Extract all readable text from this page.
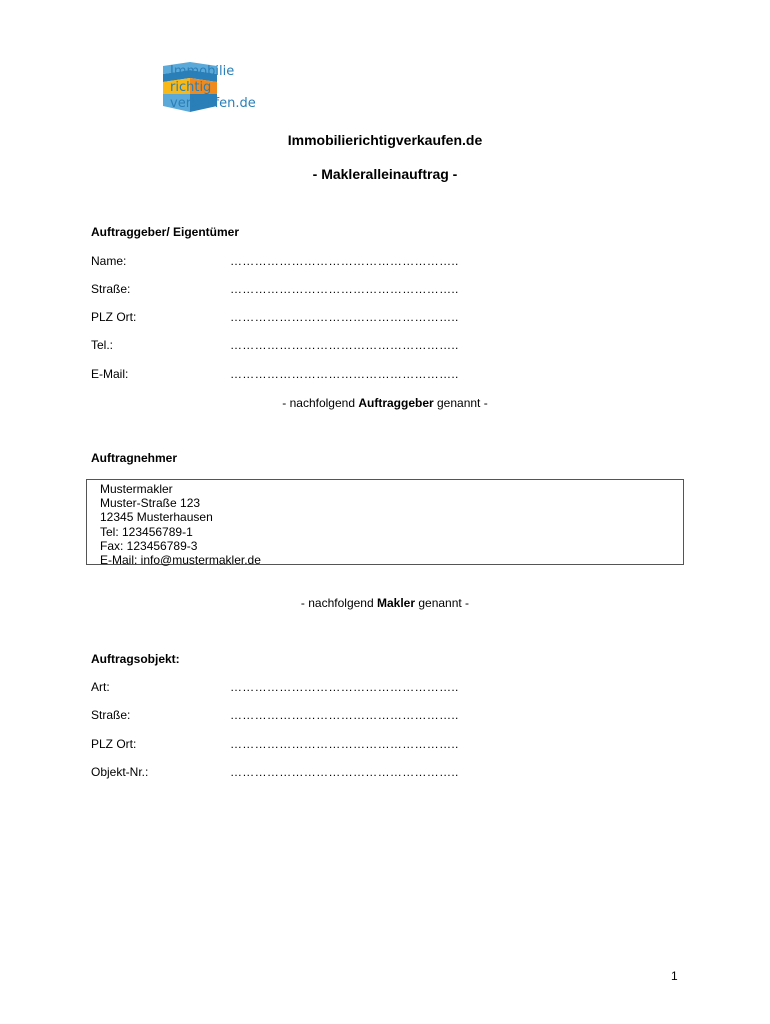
Immobilie
richtig
verkaufen.de
Immobilierichtigverkaufen.de
- Makleralleinauftrag -
Auftraggeber/ Eigentümer
Name:	………………………………………………..
Straße:	………………………………………………..
PLZ Ort:	………………………………………………..
Tel.:	………………………………………………..
E-Mail:	………………………………………………..
- nachfolgend Auftraggeber genannt -
Auftragnehmer
Mustermakler
Muster-Straße 123
12345 Musterhausen
Tel: 123456789-1
Fax: 123456789-3
E-Mail: info@mustermakler.de
- nachfolgend Makler genannt -
Auftragsobjekt:
Art:	………………………………………………..
Straße:	………………………………………………..
PLZ Ort:	………………………………………………..
Objekt-Nr.:	………………………………………………..
1
